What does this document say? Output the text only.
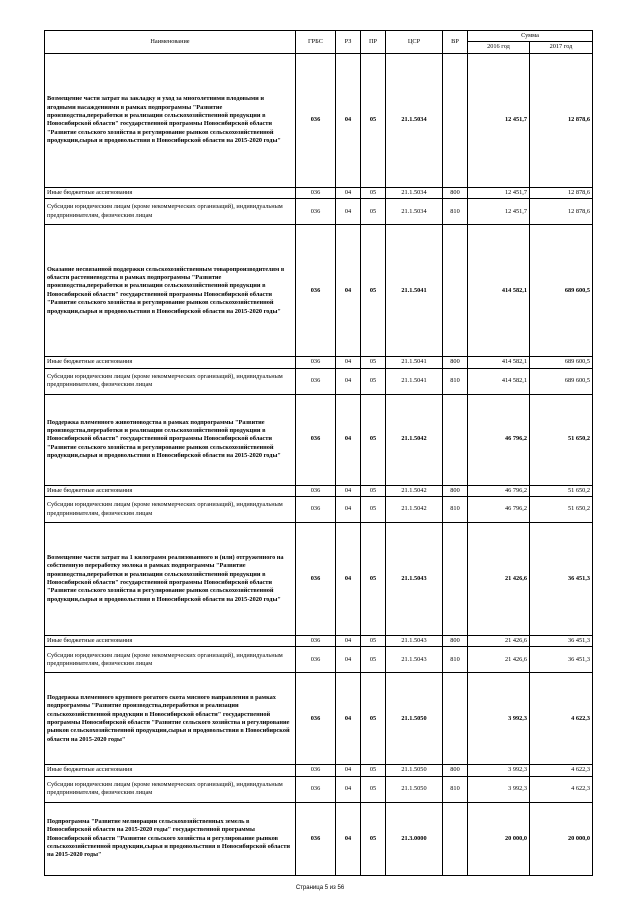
Наименование	ГРБС	РЗ	ПР	ЦСР	ВР	Сумма	
						2016 год	2017 год
Возмещение части затрат на закладку и уход за многолетними плодовыми и ягодными насаждениями в рамках подпрограммы "Развитие производства,переработки и реализации сельскохозяйственной продукции в Новосибирской области" государственной программы Новосибирской области "Развитие сельского хозяйства и регулирование рынков сельскохозяйственной продукции,сырья и продовольствия в Новосибирской области на 2015-2020 годы"	036	04	05	21.1.5034		12 451,7	12 878,6
Иные бюджетные ассигнования	036	04	05	21.1.5034	800	12 451,7	12 878,6
Субсидии юридическим лицам (кроме некоммерческих организаций), индивидуальным предпринимателям, физическим лицам	036	04	05	21.1.5034	810	12 451,7	12 878,6
Оказание несвязанной поддержки сельскохозяйственным товаропроизводителям в области растениеводства в рамках подпрограммы "Развитие производства,переработки и реализации сельскохозяйственной продукции в Новосибирской области" государственной программы Новосибирской области "Развитие сельского хозяйства и регулирование рынков сельскохозяйственной продукции,сырья и продовольствия в Новосибирской области на 2015-2020 годы"	036	04	05	21.1.5041		414 582,1	689 600,5
Иные бюджетные ассигнования	036	04	05	21.1.5041	800	414 582,1	689 600,5
Субсидии юридическим лицам (кроме некоммерческих организаций), индивидуальным предпринимателям, физическим лицам	036	04	05	21.1.5041	810	414 582,1	689 600,5
Поддержка племенного животноводства в рамках подпрограммы "Развитие производства,переработки и реализации сельскохозяйственной продукции в Новосибирской области" государственной программы Новосибирской области "Развитие сельского хозяйства и регулирование рынков сельскохозяйственной продукции,сырья и продовольствия в Новосибирской области на 2015-2020 годы"	036	04	05	21.1.5042		46 796,2	51 650,2
Иные бюджетные ассигнования	036	04	05	21.1.5042	800	46 796,2	51 650,2
Субсидии юридическим лицам (кроме некоммерческих организаций), индивидуальным предпринимателям, физическим лицам	036	04	05	21.1.5042	810	46 796,2	51 650,2
Возмещение части затрат на 1 килограмм реализованного и (или) отгруженного на собственную переработку молока в рамках подпрограммы "Развитие производства,переработки и реализации сельскохозяйственной продукции в Новосибирской области" государственной программы Новосибирской области "Развитие сельского хозяйства и регулирование рынков сельскохозяйственной продукции,сырья и продовольствия в Новосибирской области на 2015-2020 годы"	036	04	05	21.1.5043		21 426,6	36 451,3
Иные бюджетные ассигнования	036	04	05	21.1.5043	800	21 426,6	36 451,3
Субсидии юридическим лицам (кроме некоммерческих организаций), индивидуальным предпринимателям, физическим лицам	036	04	05	21.1.5043	810	21 426,6	36 451,3
Поддержка племенного крупного рогатого скота мясного направления в рамках подпрограммы "Развитие производства,переработки и реализации сельскохозяйственной продукции в Новосибирской области" государственной программы Новосибирской области "Развитие сельского хозяйства и регулирование рынков сельскохозяйственной продукции,сырья и продовольствия в Новосибирской области на 2015-2020 годы"	036	04	05	21.1.5050		3 992,3	4 622,3
Иные бюджетные ассигнования	036	04	05	21.1.5050	800	3 992,3	4 622,3
Субсидии юридическим лицам (кроме некоммерческих организаций), индивидуальным предпринимателям, физическим лицам	036	04	05	21.1.5050	810	3 992,3	4 622,3
Подпрограмма "Развитие мелиорации сельскохозяйственных земель в Новосибирской области на 2015-2020 годы" государственной программы Новосибирской области "Развитие сельского хозяйства и регулирование рынков сельскохозяйственной продукции,сырья и продовольствия в Новосибирской области на 2015-2020 годы"	036	04	05	21.3.0000		20 000,0	20 000,0
Страница 5 из 56
